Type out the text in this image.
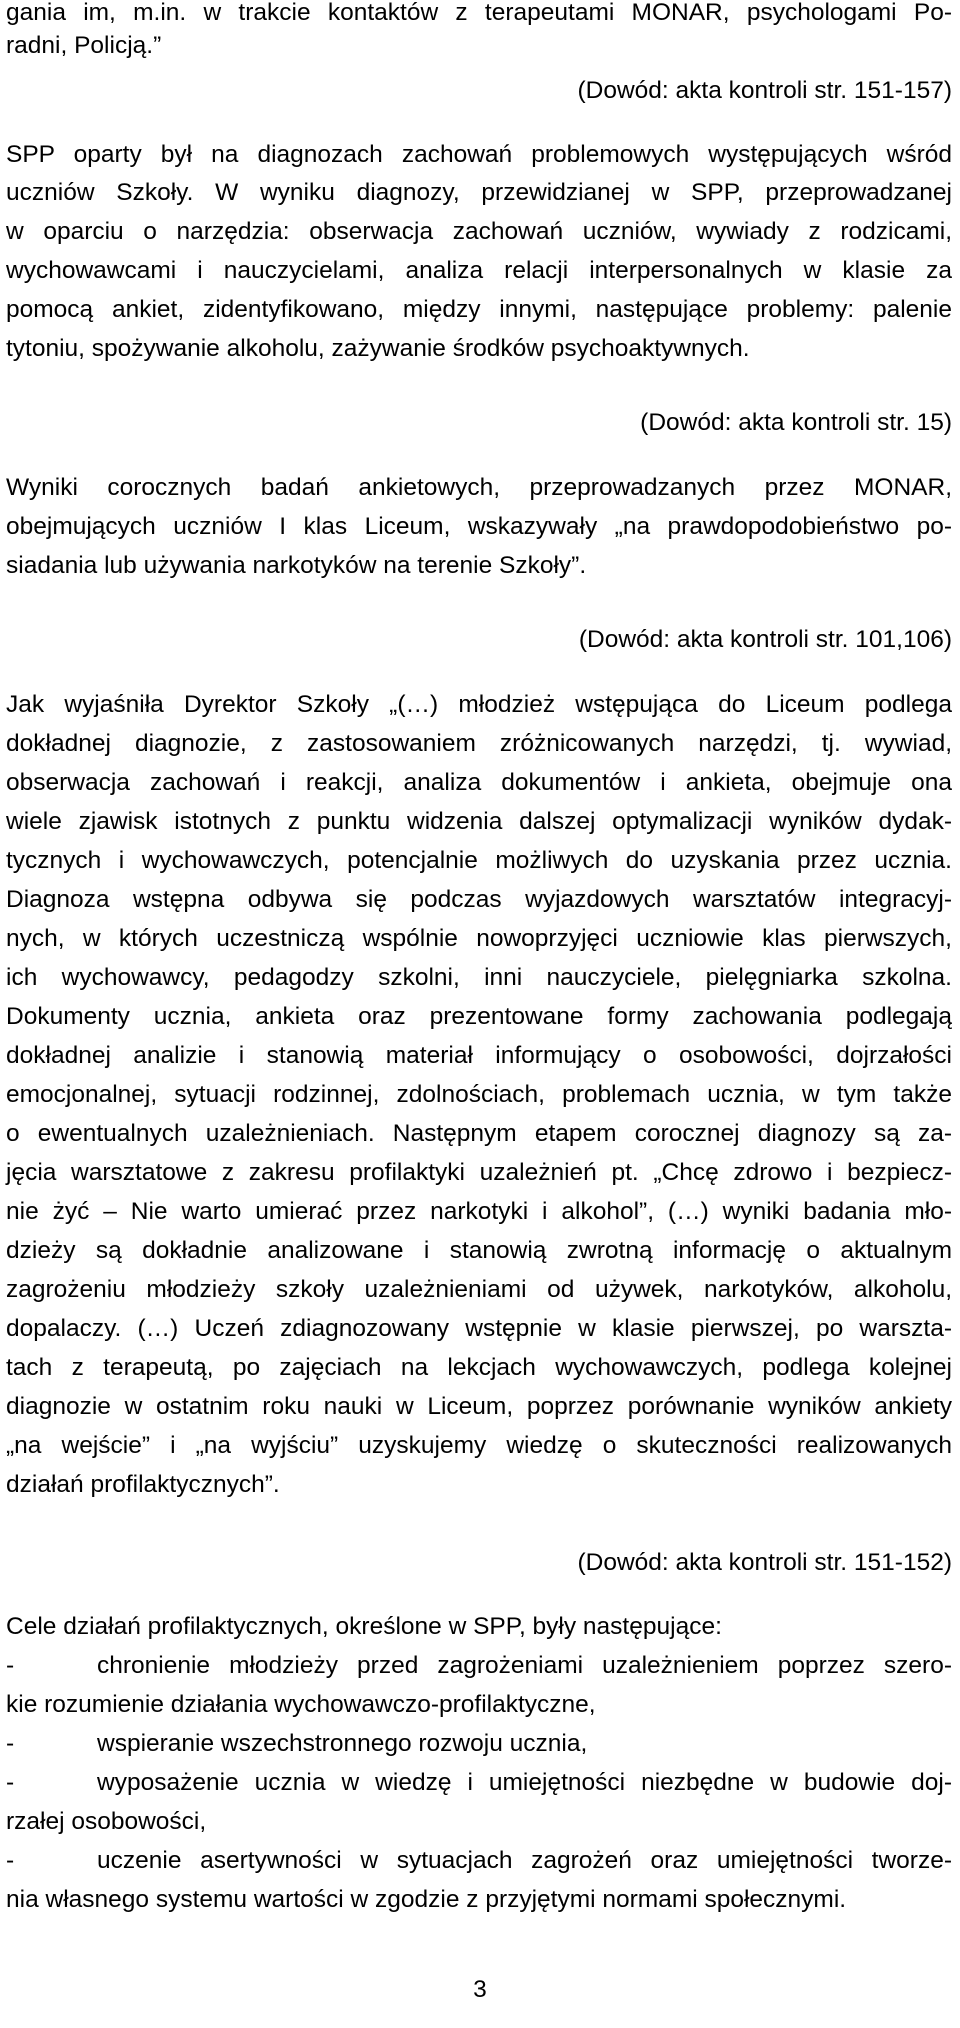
gania im, m.in. w trakcie kontaktów z terapeutami MONAR, psychologami Po-

radni, Policją.”

(Dowód: akta kontroli str. 151-157)

SPP oparty był na diagnozach zachowań problemowych występujących wśród

uczniów Szkoły. W wyniku diagnozy, przewidzianej w SPP, przeprowadzanej

w oparciu o narzędzia: obserwacja zachowań uczniów, wywiady z rodzicami,

wychowawcami i nauczycielami, analiza relacji interpersonalnych w klasie za

pomocą ankiet, zidentyfikowano, między innymi, następujące problemy: palenie

tytoniu, spożywanie alkoholu, zażywanie środków psychoaktywnych.

(Dowód: akta kontroli str. 15)

Wyniki corocznych badań ankietowych, przeprowadzanych przez MONAR,

obejmujących uczniów I klas Liceum, wskazywały „na prawdopodobieństwo po-

siadania lub używania narkotyków na terenie Szkoły”.

(Dowód: akta kontroli str. 101,106)

Jak wyjaśniła Dyrektor Szkoły „(…) młodzież wstępująca do Liceum podlega

dokładnej diagnozie, z zastosowaniem zróżnicowanych narzędzi, tj. wywiad,

obserwacja zachowań i reakcji, analiza dokumentów i ankieta, obejmuje ona

wiele zjawisk istotnych z punktu widzenia dalszej optymalizacji wyników dydak-

tycznych i wychowawczych, potencjalnie możliwych do uzyskania przez ucznia.

Diagnoza wstępna odbywa się podczas wyjazdowych warsztatów integracyj-

nych, w których uczestniczą wspólnie nowoprzyjęci uczniowie klas pierwszych,

ich wychowawcy, pedagodzy szkolni, inni nauczyciele, pielęgniarka szkolna.

Dokumenty ucznia, ankieta oraz prezentowane formy zachowania podlegają

dokładnej analizie i stanowią materiał informujący o osobowości, dojrzałości

emocjonalnej, sytuacji rodzinnej, zdolnościach, problemach ucznia, w tym także

o ewentualnych uzależnieniach. Następnym etapem corocznej diagnozy są za-

jęcia warsztatowe z zakresu profilaktyki uzależnień pt. „Chcę zdrowo i bezpiecz-

nie żyć – Nie warto umierać przez narkotyki i alkohol”, (…) wyniki badania mło-

dzieży są dokładnie analizowane i stanowią zwrotną informację o aktualnym

zagrożeniu młodzieży szkoły uzależnieniami od używek, narkotyków, alkoholu,

dopalaczy. (…) Uczeń zdiagnozowany wstępnie w klasie pierwszej, po warszta-

tach z terapeutą, po zajęciach na lekcjach wychowawczych, podlega kolejnej

diagnozie w ostatnim roku nauki w Liceum, poprzez porównanie wyników ankiety

„na wejście” i „na wyjściu” uzyskujemy wiedzę o skuteczności realizowanych

działań profilaktycznych”.

(Dowód: akta kontroli str. 151-152)

Cele działań profilaktycznych, określone w SPP, były następujące:

-	chronienie młodzieży przed zagrożeniami uzależnieniem poprzez szero-

kie rozumienie działania wychowawczo-profilaktyczne,

-	wspieranie wszechstronnego rozwoju ucznia,

-	wyposażenie ucznia w wiedzę i umiejętności niezbędne w budowie doj-

rzałej osobowości,

-	uczenie asertywności w sytuacjach zagrożeń oraz umiejętności tworze-

nia własnego systemu wartości w zgodzie z przyjętymi normami społecznymi.

3
